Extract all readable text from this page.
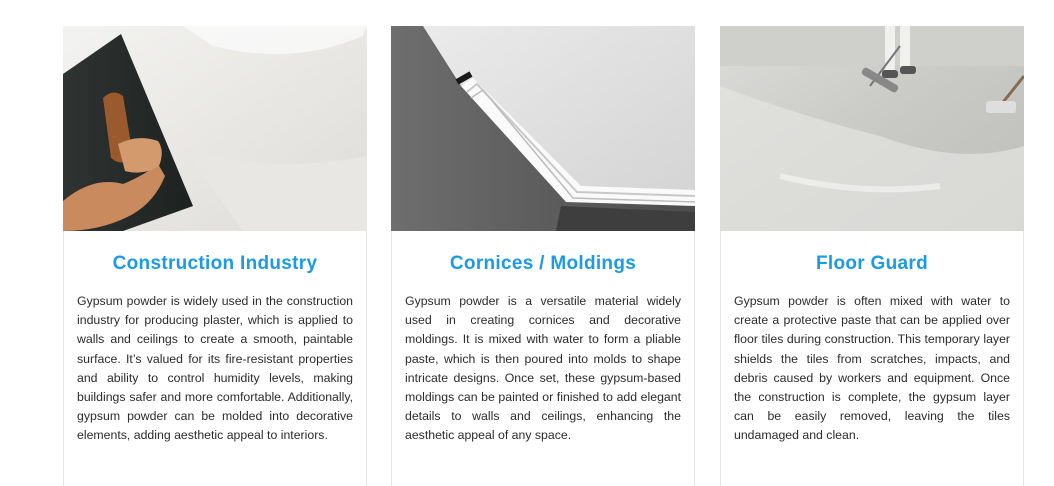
Construction Industry

Gypsum powder is widely used in the construction industry for producing plaster, which is applied to walls and ceilings to create a smooth, paintable surface. It’s valued for its fire-resistant properties and ability to control humidity levels, making buildings safer and more comfortable. Additionally, gypsum powder can be molded into decorative elements, adding aesthetic appeal to interiors.

Cornices / Moldings

Gypsum powder is a versatile material widely used in creating cornices and decorative moldings. It is mixed with water to form a pliable paste, which is then poured into molds to shape intricate designs. Once set, these gypsum-based moldings can be painted or finished to add elegant details to walls and ceilings, enhancing the aesthetic appeal of any space.

Floor Guard

Gypsum powder is often mixed with water to create a protective paste that can be applied over floor tiles during construction. This temporary layer shields the tiles from scratches, impacts, and debris caused by workers and equipment. Once the construction is complete, the gypsum layer can be easily removed, leaving the tiles undamaged and clean.
